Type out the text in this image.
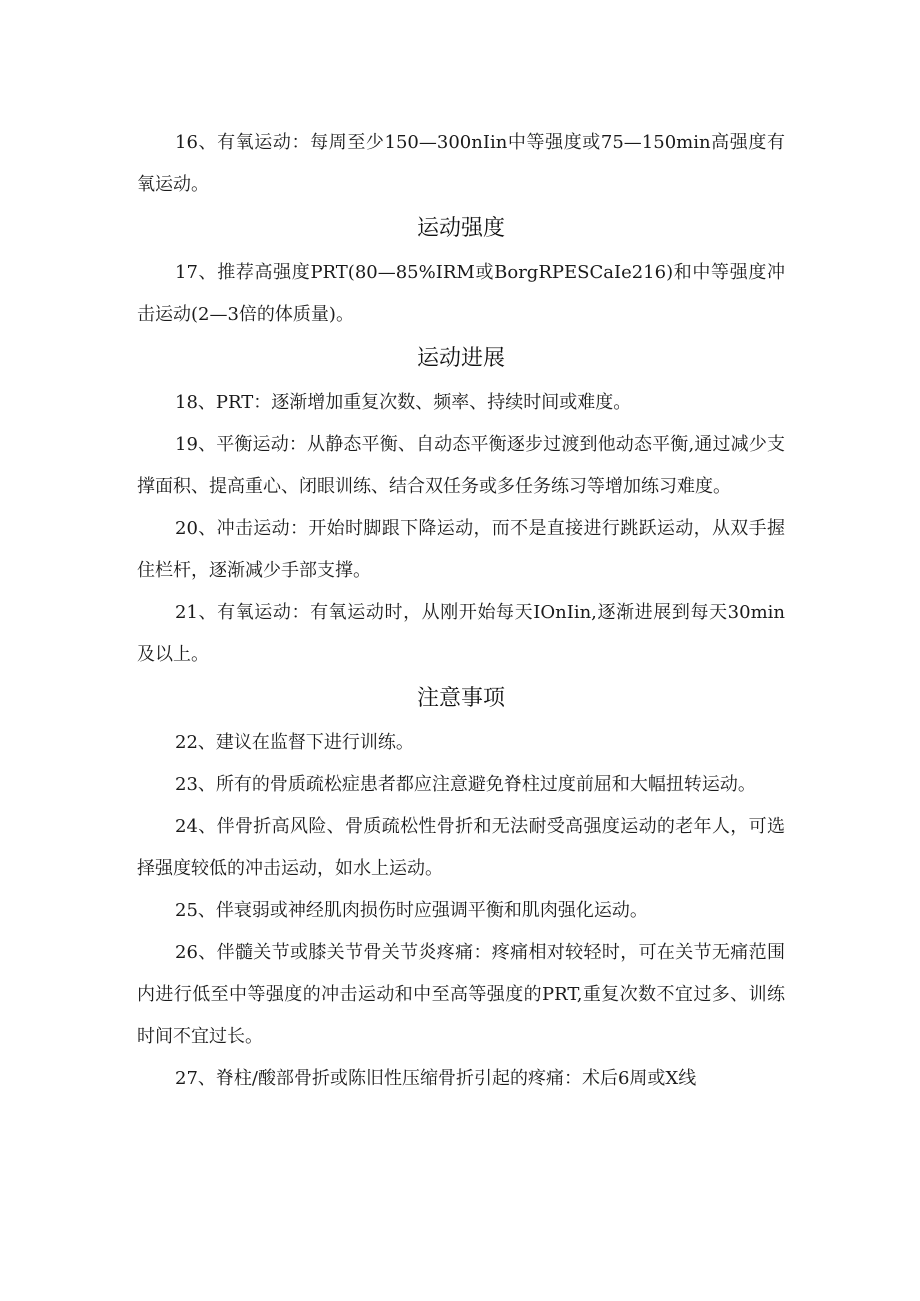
16、有氧运动：每周至少150—300nIin中等强度或75—150min高强度有氧运动。

运动强度

17、推荐高强度PRT(80—85%IRM或BorgRPESCaIe216)和中等强度冲击运动(2—3倍的体质量)。

运动进展

18、PRT：逐渐增加重复次数、频率、持续时间或难度。

19、平衡运动：从静态平衡、自动态平衡逐步过渡到他动态平衡,通过减少支撑面积、提高重心、闭眼训练、结合双任务或多任务练习等增加练习难度。

20、冲击运动：开始时脚跟下降运动，而不是直接进行跳跃运动，从双手握住栏杆，逐渐减少手部支撑。

21、有氧运动：有氧运动时，从刚开始每天IOnIin,逐渐进展到每天30min及以上。

注意事项

22、建议在监督下进行训练。

23、所有的骨质疏松症患者都应注意避免脊柱过度前屈和大幅扭转运动。

24、伴骨折高风险、骨质疏松性骨折和无法耐受高强度运动的老年人，可选择强度较低的冲击运动，如水上运动。

25、伴衰弱或神经肌肉损伤时应强调平衡和肌肉强化运动。

26、伴髓关节或膝关节骨关节炎疼痛：疼痛相对较轻时，可在关节无痛范围内进行低至中等强度的冲击运动和中至高等强度的PRT,重复次数不宜过多、训练时间不宜过长。

27、脊柱/酸部骨折或陈旧性压缩骨折引起的疼痛：术后6周或X线
